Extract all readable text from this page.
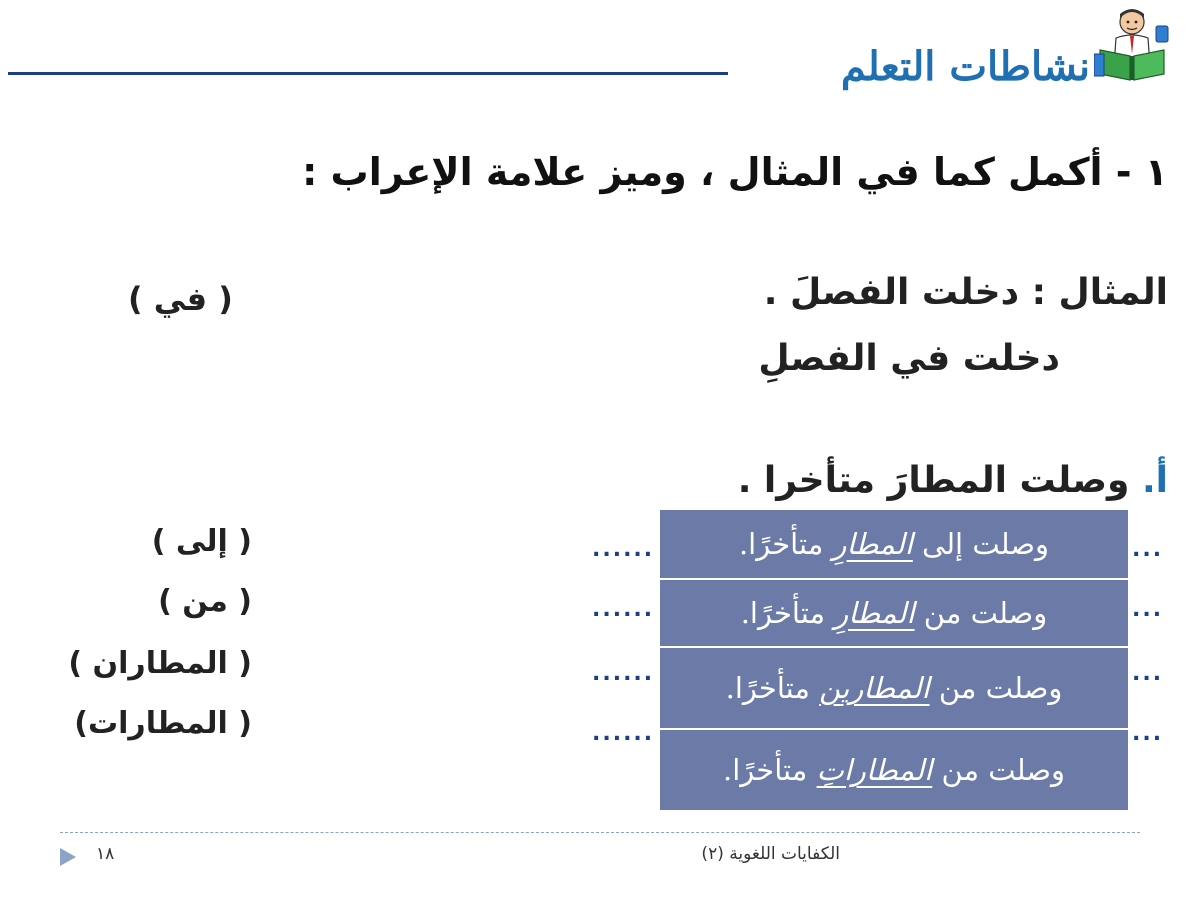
نشاطات التعلم
١ - أكمل كما في المثال ، وميز علامة الإعراب :
المثال : دخلت الفصلَ .
( في )
دخلت في الفصلِ
أ. وصلت المطارَ متأخرا .
( إلى )
( من )
( المطاران )
( المطارات)
......
......
......
......
...
...
...
...
وصلت إلى

المطارِ

متأخرًا.
وصلت من

المطارِ

متأخرًا.
وصلت من

المطارين

متأخرًا.
وصلت من

المطاراتِ

متأخرًا.
١٨	الكفايات اللغوية (٢)
